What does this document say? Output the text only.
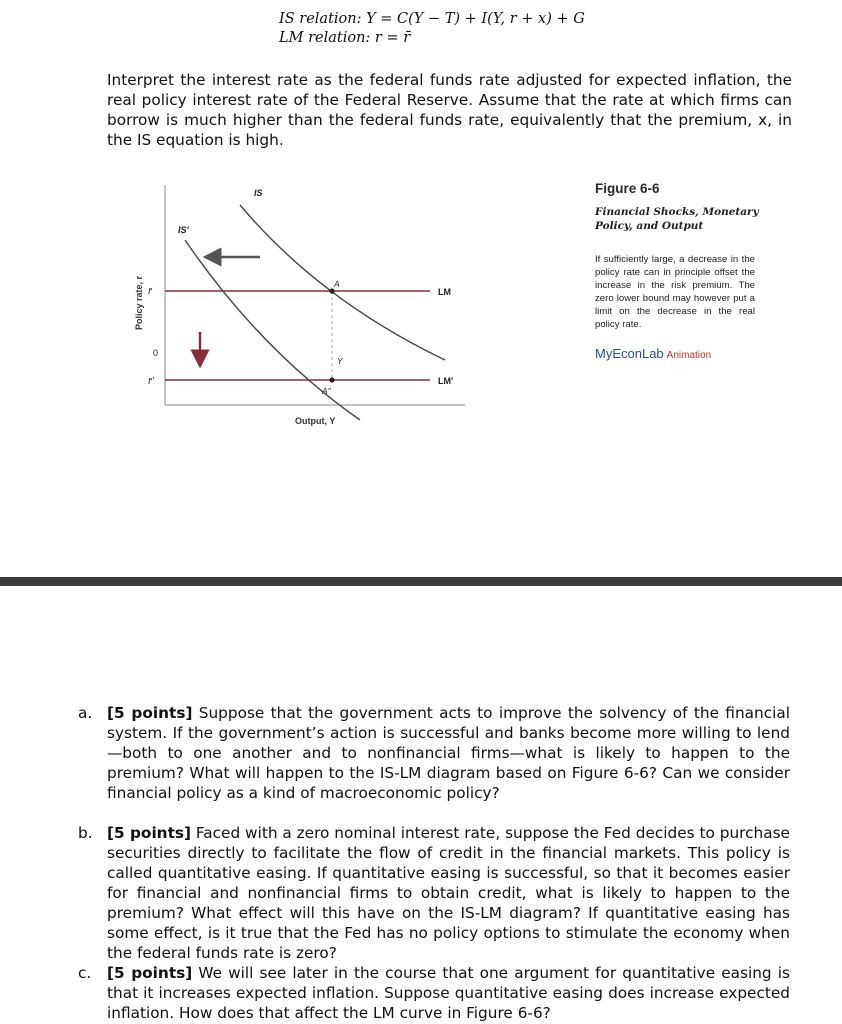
IS relation: Y = C(Y − T) + I(Y, r + x) + G
LM relation: r = r̄

Interpret the interest rate as the federal funds rate adjusted for expected inflation, the real policy interest rate of the Federal Reserve. Assume that the rate at which firms can borrow is much higher than the federal funds rate, equivalently that the premium, x, in the IS equation is high.

IS
IS′
LM
LM′
A
A″
Y
r̄
0
r̄′
Policy rate, r
Output, Y
Figure 6-6
Financial Shocks, Monetary Policy, and Output
If sufficiently large, a decrease in the policy rate can in principle offset the increase in the risk premium. The zero lower bound may however put a limit on the decrease in the real policy rate.
MyEconLab Animation
a. [5 points] Suppose that the government acts to improve the solvency of the financial system. If the government’s action is successful and banks become more willing to lend—both to one another and to nonfinancial firms—what is likely to happen to the premium? What will happen to the IS-LM diagram based on Figure 6-6? Can we consider financial policy as a kind of macroeconomic policy?
b. [5 points] Faced with a zero nominal interest rate, suppose the Fed decides to purchase securities directly to facilitate the flow of credit in the financial markets. This policy is called quantitative easing. If quantitative easing is successful, so that it becomes easier for financial and nonfinancial firms to obtain credit, what is likely to happen to the premium? What effect will this have on the IS-LM diagram? If quantitative easing has some effect, is it true that the Fed has no policy options to stimulate the economy when the federal funds rate is zero?
c. [5 points] We will see later in the course that one argument for quantitative easing is that it increases expected inflation. Suppose quantitative easing does increase expected inflation. How does that affect the LM curve in Figure 6-6?
